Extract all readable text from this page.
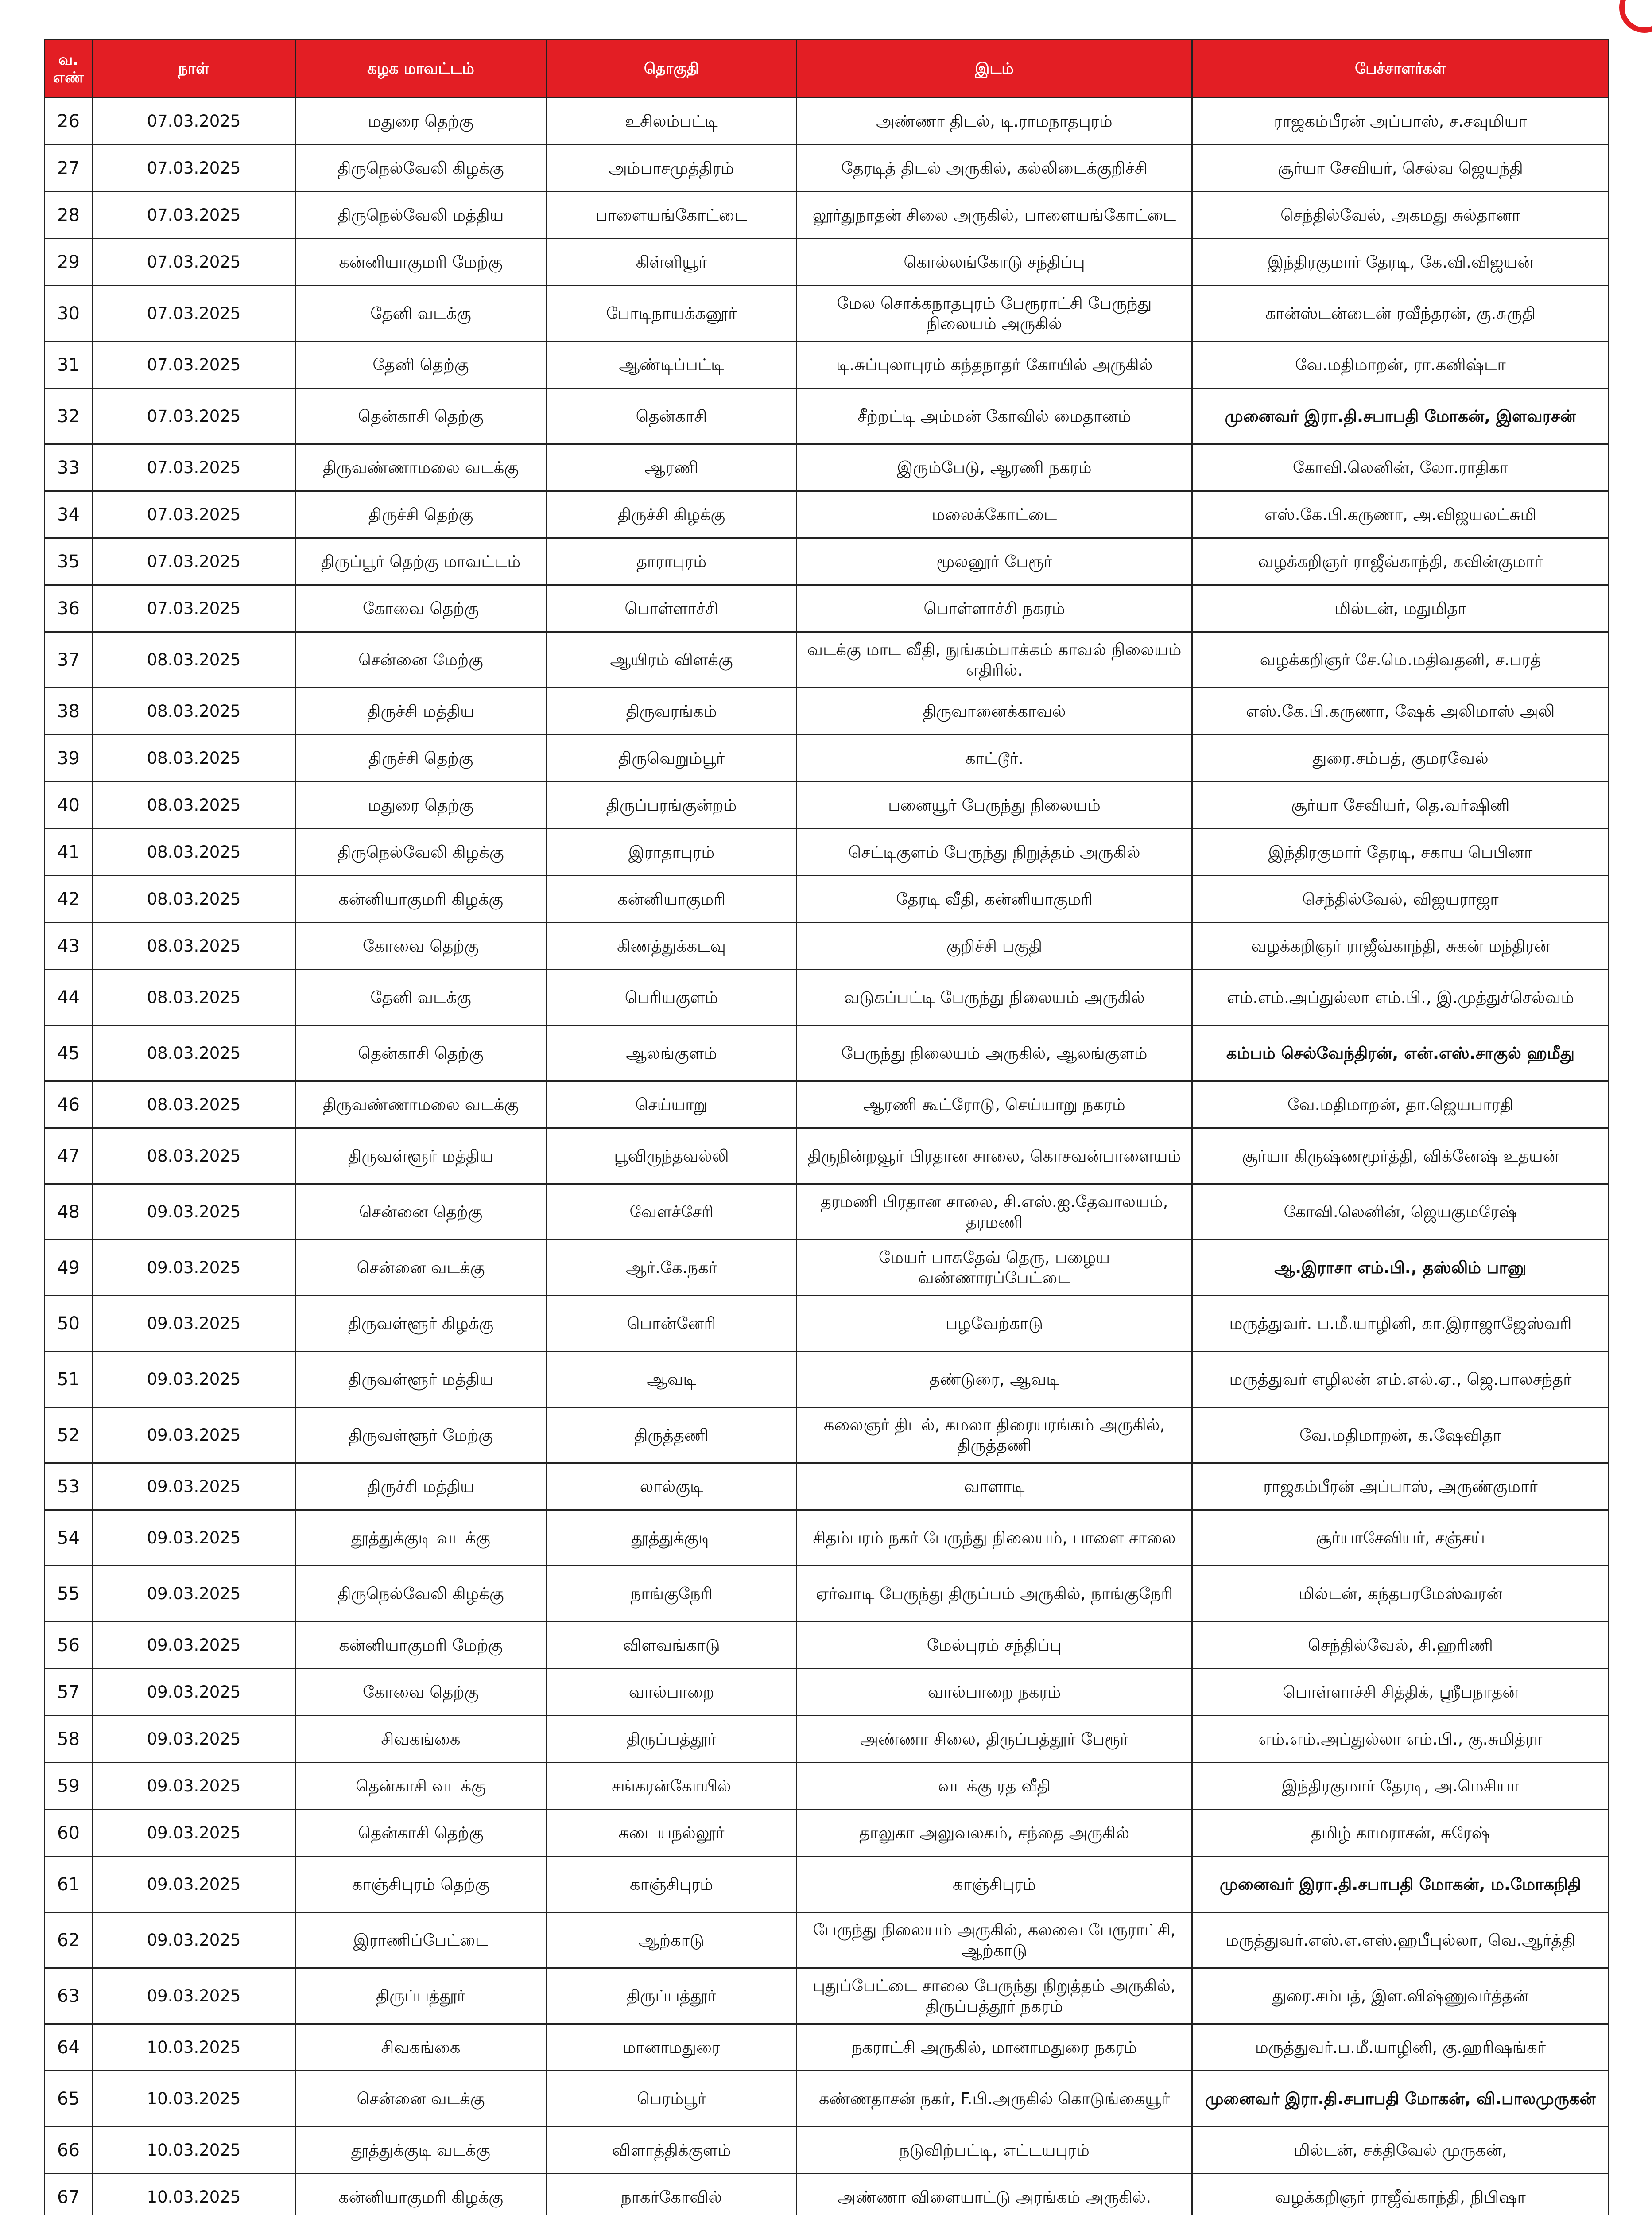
வ. எண்	நாள்	கழக மாவட்டம்	தொகுதி	இடம்	பேச்சாளர்கள்
26	07.03.2025	மதுரை தெற்கு	உசிலம்பட்டி	அண்ணா திடல், டி.ராமநாதபுரம்	ராஜகம்பீரன் அப்பாஸ், ச.சவுமியா
27	07.03.2025	திருநெல்வேலி கிழக்கு	அம்பாசமுத்திரம்	தேரடித் திடல் அருகில், கல்லிடைக்குறிச்சி	சூர்யா சேவியர், செல்வ ஜெயந்தி
28	07.03.2025	திருநெல்வேலி மத்திய	பாளையங்கோட்டை	லூர்துநாதன் சிலை அருகில், பாளையங்கோட்டை	செந்தில்வேல், அகமது சுல்தானா
29	07.03.2025	கன்னியாகுமரி மேற்கு	கிள்ளியூர்	கொல்லங்கோடு சந்திப்பு	இந்திரகுமார் தேரடி, கே.வி.விஜயன்
30	07.03.2025	தேனி வடக்கு	போடிநாயக்கனூர்	மேல சொக்கநாதபுரம் பேரூராட்சி பேருந்து நிலையம் அருகில்	கான்ஸ்டன்டைன் ரவீந்தரன், கு.சுருதி
31	07.03.2025	தேனி தெற்கு	ஆண்டிப்பட்டி	டி.சுப்புலாபுரம் கந்தநாதர் கோயில் அருகில்	வே.மதிமாறன், ரா.கனிஷ்டா
32	07.03.2025	தென்காசி தெற்கு	தென்காசி	சீற்றட்டி அம்மன் கோவில் மைதானம்	முனைவர் இரா.தி.சபாபதி மோகன், இளவரசன்
33	07.03.2025	திருவண்ணாமலை வடக்கு	ஆரணி	இரும்பேடு, ஆரணி நகரம்	கோவி.லெனின், லோ.ராதிகா
34	07.03.2025	திருச்சி தெற்கு	திருச்சி கிழக்கு	மலைக்கோட்டை	எஸ்.கே.பி.கருணா, அ.விஜயலட்சுமி
35	07.03.2025	திருப்பூர் தெற்கு மாவட்டம்	தாராபுரம்	மூலனூர் பேரூர்	வழக்கறிஞர் ராஜீவ்காந்தி, கவின்குமார்
36	07.03.2025	கோவை தெற்கு	பொள்ளாச்சி	பொள்ளாச்சி நகரம்	மில்டன், மதுமிதா
37	08.03.2025	சென்னை மேற்கு	ஆயிரம் விளக்கு	வடக்கு மாட வீதி, நுங்கம்பாக்கம் காவல் நிலையம் எதிரில்.	வழக்கறிஞர் சே.மெ.மதிவதனி, ச.பரத்
38	08.03.2025	திருச்சி மத்திய	திருவரங்கம்	திருவானைக்காவல்	எஸ்.கே.பி.கருணா, ஷேக் அலிமாஸ் அலி
39	08.03.2025	திருச்சி தெற்கு	திருவெறும்பூர்	காட்டூர்.	துரை.சம்பத், குமரவேல்
40	08.03.2025	மதுரை தெற்கு	திருப்பரங்குன்றம்	பனையூர் பேருந்து நிலையம்	சூர்யா சேவியர், தெ.வர்ஷினி
41	08.03.2025	திருநெல்வேலி கிழக்கு	இராதாபுரம்	செட்டிகுளம் பேருந்து நிறுத்தம் அருகில்	இந்திரகுமார் தேரடி, சகாய பெபினா
42	08.03.2025	கன்னியாகுமரி கிழக்கு	கன்னியாகுமரி	தேரடி வீதி, கன்னியாகுமரி	செந்தில்வேல், விஜயராஜா
43	08.03.2025	கோவை தெற்கு	கிணத்துக்கடவு	குறிச்சி பகுதி	வழக்கறிஞர் ராஜீவ்காந்தி, சுகன் மந்திரன்
44	08.03.2025	தேனி வடக்கு	பெரியகுளம்	வடுகப்பட்டி பேருந்து நிலையம் அருகில்	எம்.எம்.அப்துல்லா எம்.பி., இ.முத்துச்செல்வம்
45	08.03.2025	தென்காசி தெற்கு	ஆலங்குளம்	பேருந்து நிலையம் அருகில், ஆலங்குளம்	கம்பம் செல்வேந்திரன், என்.எஸ்.சாகுல் ஹமீது
46	08.03.2025	திருவண்ணாமலை வடக்கு	செய்யாறு	ஆரணி கூட்ரோடு, செய்யாறு நகரம்	வே.மதிமாறன், தா.ஜெயபாரதி
47	08.03.2025	திருவள்ளூர் மத்திய	பூவிருந்தவல்லி	திருநின்றவூர் பிரதான சாலை, கொசவன்பாளையம்	சூர்யா கிருஷ்ணமூர்த்தி, விக்னேஷ் உதயன்
48	09.03.2025	சென்னை தெற்கு	வேளச்சேரி	தரமணி பிரதான சாலை, சி.எஸ்.ஐ.தேவாலயம், தரமணி	கோவி.லெனின், ஜெயகுமரேஷ்
49	09.03.2025	சென்னை வடக்கு	ஆர்.கே.நகர்	மேயர் பாசுதேவ் தெரு, பழைய வண்ணாரப்பேட்டை	ஆ.இராசா எம்.பி., தஸ்லிம் பானு
50	09.03.2025	திருவள்ளூர் கிழக்கு	பொன்னேரி	பழவேற்காடு	மருத்துவர். ப.மீ.யாழினி, கா.இராஜாஜேஸ்வரி
51	09.03.2025	திருவள்ளூர் மத்திய	ஆவடி	தண்டுரை, ஆவடி	மருத்துவர் எழிலன் எம்.எல்.ஏ., ஜெ.பாலசந்தர்
52	09.03.2025	திருவள்ளூர் மேற்கு	திருத்தணி	கலைஞர் திடல், கமலா திரையரங்கம் அருகில், திருத்தணி	வே.மதிமாறன், க.ஷேவிதா
53	09.03.2025	திருச்சி மத்திய	லால்குடி	வாளாடி	ராஜகம்பீரன் அப்பாஸ், அருண்குமார்
54	09.03.2025	தூத்துக்குடி வடக்கு	தூத்துக்குடி	சிதம்பரம் நகர் பேருந்து நிலையம், பாளை சாலை	சூர்யாசேவியர், சஞ்சய்
55	09.03.2025	திருநெல்வேலி கிழக்கு	நாங்குநேரி	ஏர்வாடி பேருந்து திருப்பம் அருகில், நாங்குநேரி	மில்டன், கந்தபரமேஸ்வரன்
56	09.03.2025	கன்னியாகுமரி மேற்கு	விளவங்காடு	மேல்புரம் சந்திப்பு	செந்தில்வேல், சி.ஹரிணி
57	09.03.2025	கோவை தெற்கு	வால்பாறை	வால்பாறை நகரம்	பொள்ளாச்சி சித்திக், ஸ்ரீபநாதன்
58	09.03.2025	சிவகங்கை	திருப்பத்தூர்	அண்ணா சிலை, திருப்பத்தூர் பேரூர்	எம்.எம்.அப்துல்லா எம்.பி., கு.சுமித்ரா
59	09.03.2025	தென்காசி வடக்கு	சங்கரன்கோயில்	வடக்கு ரத வீதி	இந்திரகுமார் தேரடி, அ.மெசியா
60	09.03.2025	தென்காசி தெற்கு	கடையநல்லூர்	தாலுகா அலுவலகம், சந்தை அருகில்	தமிழ் காமராசன், சுரேஷ்
61	09.03.2025	காஞ்சிபுரம் தெற்கு	காஞ்சிபுரம்	காஞ்சிபுரம்	முனைவர் இரா.தி.சபாபதி மோகன், ம.மோகநிதி
62	09.03.2025	இராணிப்பேட்டை	ஆற்காடு	பேருந்து நிலையம் அருகில், கலவை பேரூராட்சி, ஆற்காடு	மருத்துவர்.எஸ்.எ.எஸ்.ஹபீபுல்லா, வெ.ஆர்த்தி
63	09.03.2025	திருப்பத்தூர்	திருப்பத்தூர்	புதுப்பேட்டை சாலை பேருந்து நிறுத்தம் அருகில், திருப்பத்தூர் நகரம்	துரை.சம்பத், இள.விஷ்ணுவர்த்தன்
64	10.03.2025	சிவகங்கை	மானாமதுரை	நகராட்சி அருகில், மானாமதுரை நகரம்	மருத்துவர்.ப.மீ.யாழினி, கு.ஹரிஷங்கர்
65	10.03.2025	சென்னை வடக்கு	பெரம்பூர்	கண்ணதாசன் நகர், F.பி.அருகில் கொடுங்கையூர்	முனைவர் இரா.தி.சபாபதி மோகன், வி.பாலமுருகன்
66	10.03.2025	தூத்துக்குடி வடக்கு	விளாத்திக்குளம்	நடுவிற்பட்டி, எட்டயபுரம்	மில்டன், சக்திவேல் முருகன்,
67	10.03.2025	கன்னியாகுமரி கிழக்கு	நாகர்கோவில்	அண்ணா விளையாட்டு அரங்கம் அருகில்.	வழக்கறிஞர் ராஜீவ்காந்தி, நிபிஷா
